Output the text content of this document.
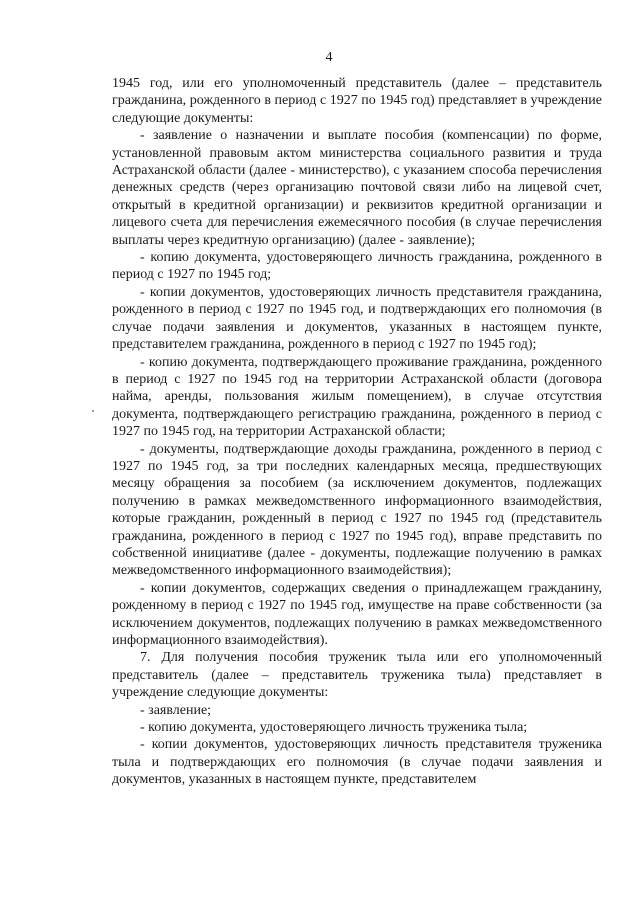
4

1945 год, или его уполномоченный представитель (далее – представитель гражданина, рожденного в период с 1927 по 1945 год) представляет в учреждение следующие документы:

- заявление о назначении и выплате пособия (компенсации) по форме, установленной правовым актом министерства социального развития и труда Астраханской области (далее - министерство), с указанием способа перечисления денежных средств (через организацию почтовой связи либо на лицевой счет, открытый в кредитной организации) и реквизитов кредитной организации и лицевого счета для перечисления ежемесячного пособия (в случае перечисления выплаты через кредитную организацию) (далее - заявление);

- копию документа, удостоверяющего личность гражданина, рожденного в период с 1927 по 1945 год;

- копии документов, удостоверяющих личность представителя гражданина, рожденного в период с 1927 по 1945 год, и подтверждающих его полномочия (в случае подачи заявления и документов, указанных в настоящем пункте, представителем гражданина, рожденного в период с 1927 по 1945 год);

- копию документа, подтверждающего проживание гражданина, рожденного в период с 1927 по 1945 год на территории Астраханской области (договора найма, аренды, пользования жилым помещением), в случае отсутствия документа, подтверждающего регистрацию гражданина, рожденного в период с 1927 по 1945 год, на территории Астраханской области;

- документы, подтверждающие доходы гражданина, рожденного в период с 1927 по 1945 год, за три последних календарных месяца, предшествующих месяцу обращения за пособием (за исключением документов, подлежащих получению в рамках межведомственного информационного взаимодействия, которые гражданин, рожденный в период с 1927 по 1945 год (представитель гражданина, рожденного в период с 1927 по 1945 год), вправе представить по собственной инициативе (далее - документы, подлежащие получению в рамках межведомственного информационного взаимодействия);

- копии документов, содержащих сведения о принадлежащем гражданину, рожденному в период с 1927 по 1945 год, имуществе на праве собственности (за исключением документов, подлежащих получению в рамках межведомственного информационного взаимодействия).

7. Для получения пособия труженик тыла или его уполномоченный представитель (далее – представитель труженика тыла) представляет в учреждение следующие документы:

- заявление;

- копию документа, удостоверяющего личность труженика тыла;

- копии документов, удостоверяющих личность представителя труженика тыла и подтверждающих его полномочия (в случае подачи заявления и документов, указанных в настоящем пункте, представителем
